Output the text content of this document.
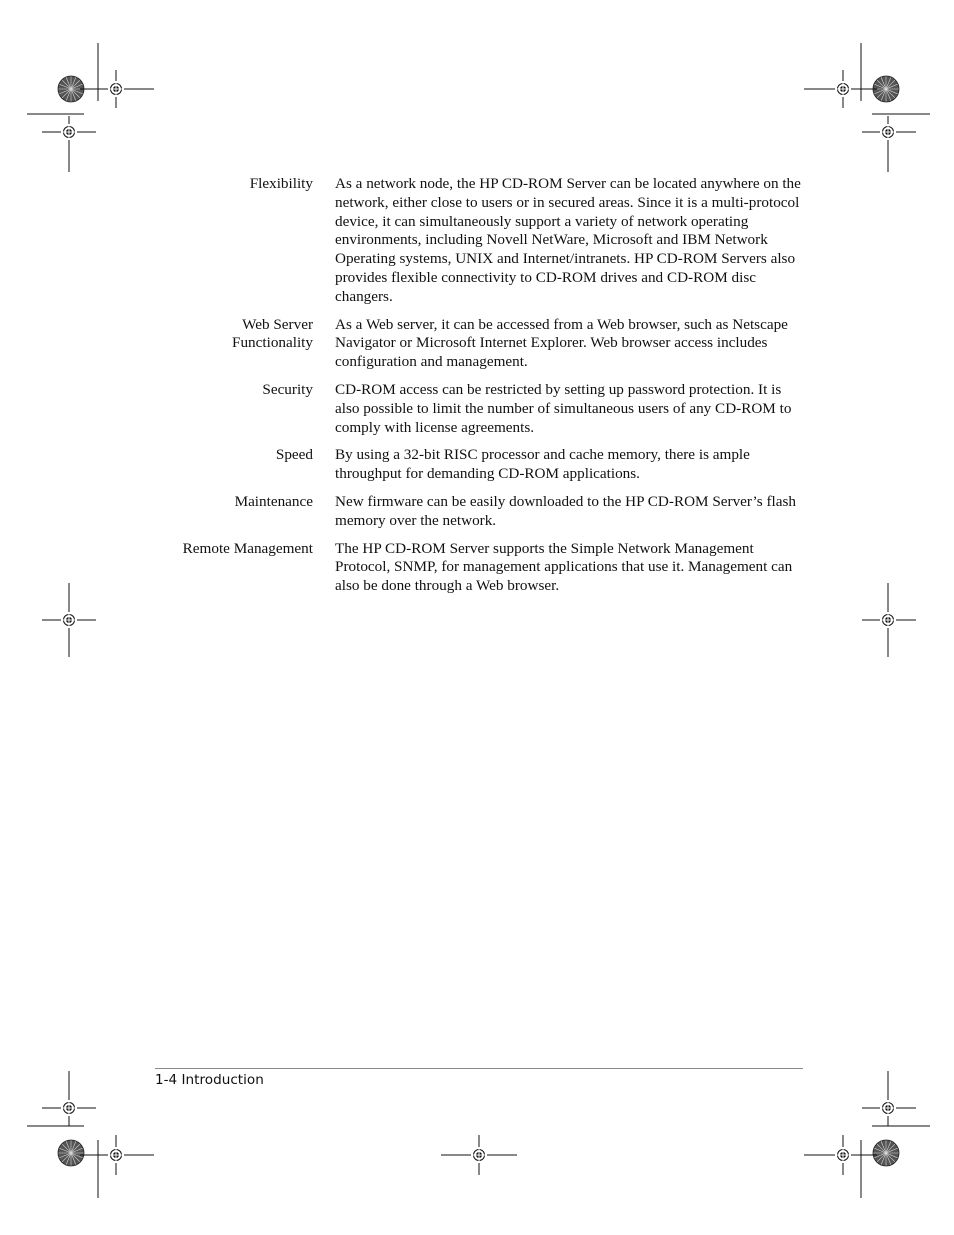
Flexibility As a network node, the HP CD-ROM Server can be located anywhere on the network, either close to users or in secured areas. Since it is a multi-protocol device, it can simultaneously support a variety of network operating environments, including Novell NetWare, Microsoft and IBM Network Operating systems, UNIX and Internet/intranets. HP CD-ROM Servers also provides flexible connectivity to CD-ROM drives and CD-ROM disc changers.
Web Server Functionality
As a Web server, it can be accessed from a Web browser, such as Netscape Navigator or Microsoft Internet Explorer. Web browser access includes configuration and management.
Security CD-ROM access can be restricted by setting up password protection. It is also possible to limit the number of simultaneous users of any CD-ROM to comply with license agreements.
Speed By using a 32-bit RISC processor and cache memory, there is ample throughput for demanding CD-ROM applications.
Maintenance New firmware can be easily downloaded to the HP CD-ROM Server’s flash memory over the network.
Remote Management The HP CD-ROM Server supports the Simple Network Management Protocol, SNMP, for management applications that use it. Management can also be done through a Web browser.
1-4 Introduction
